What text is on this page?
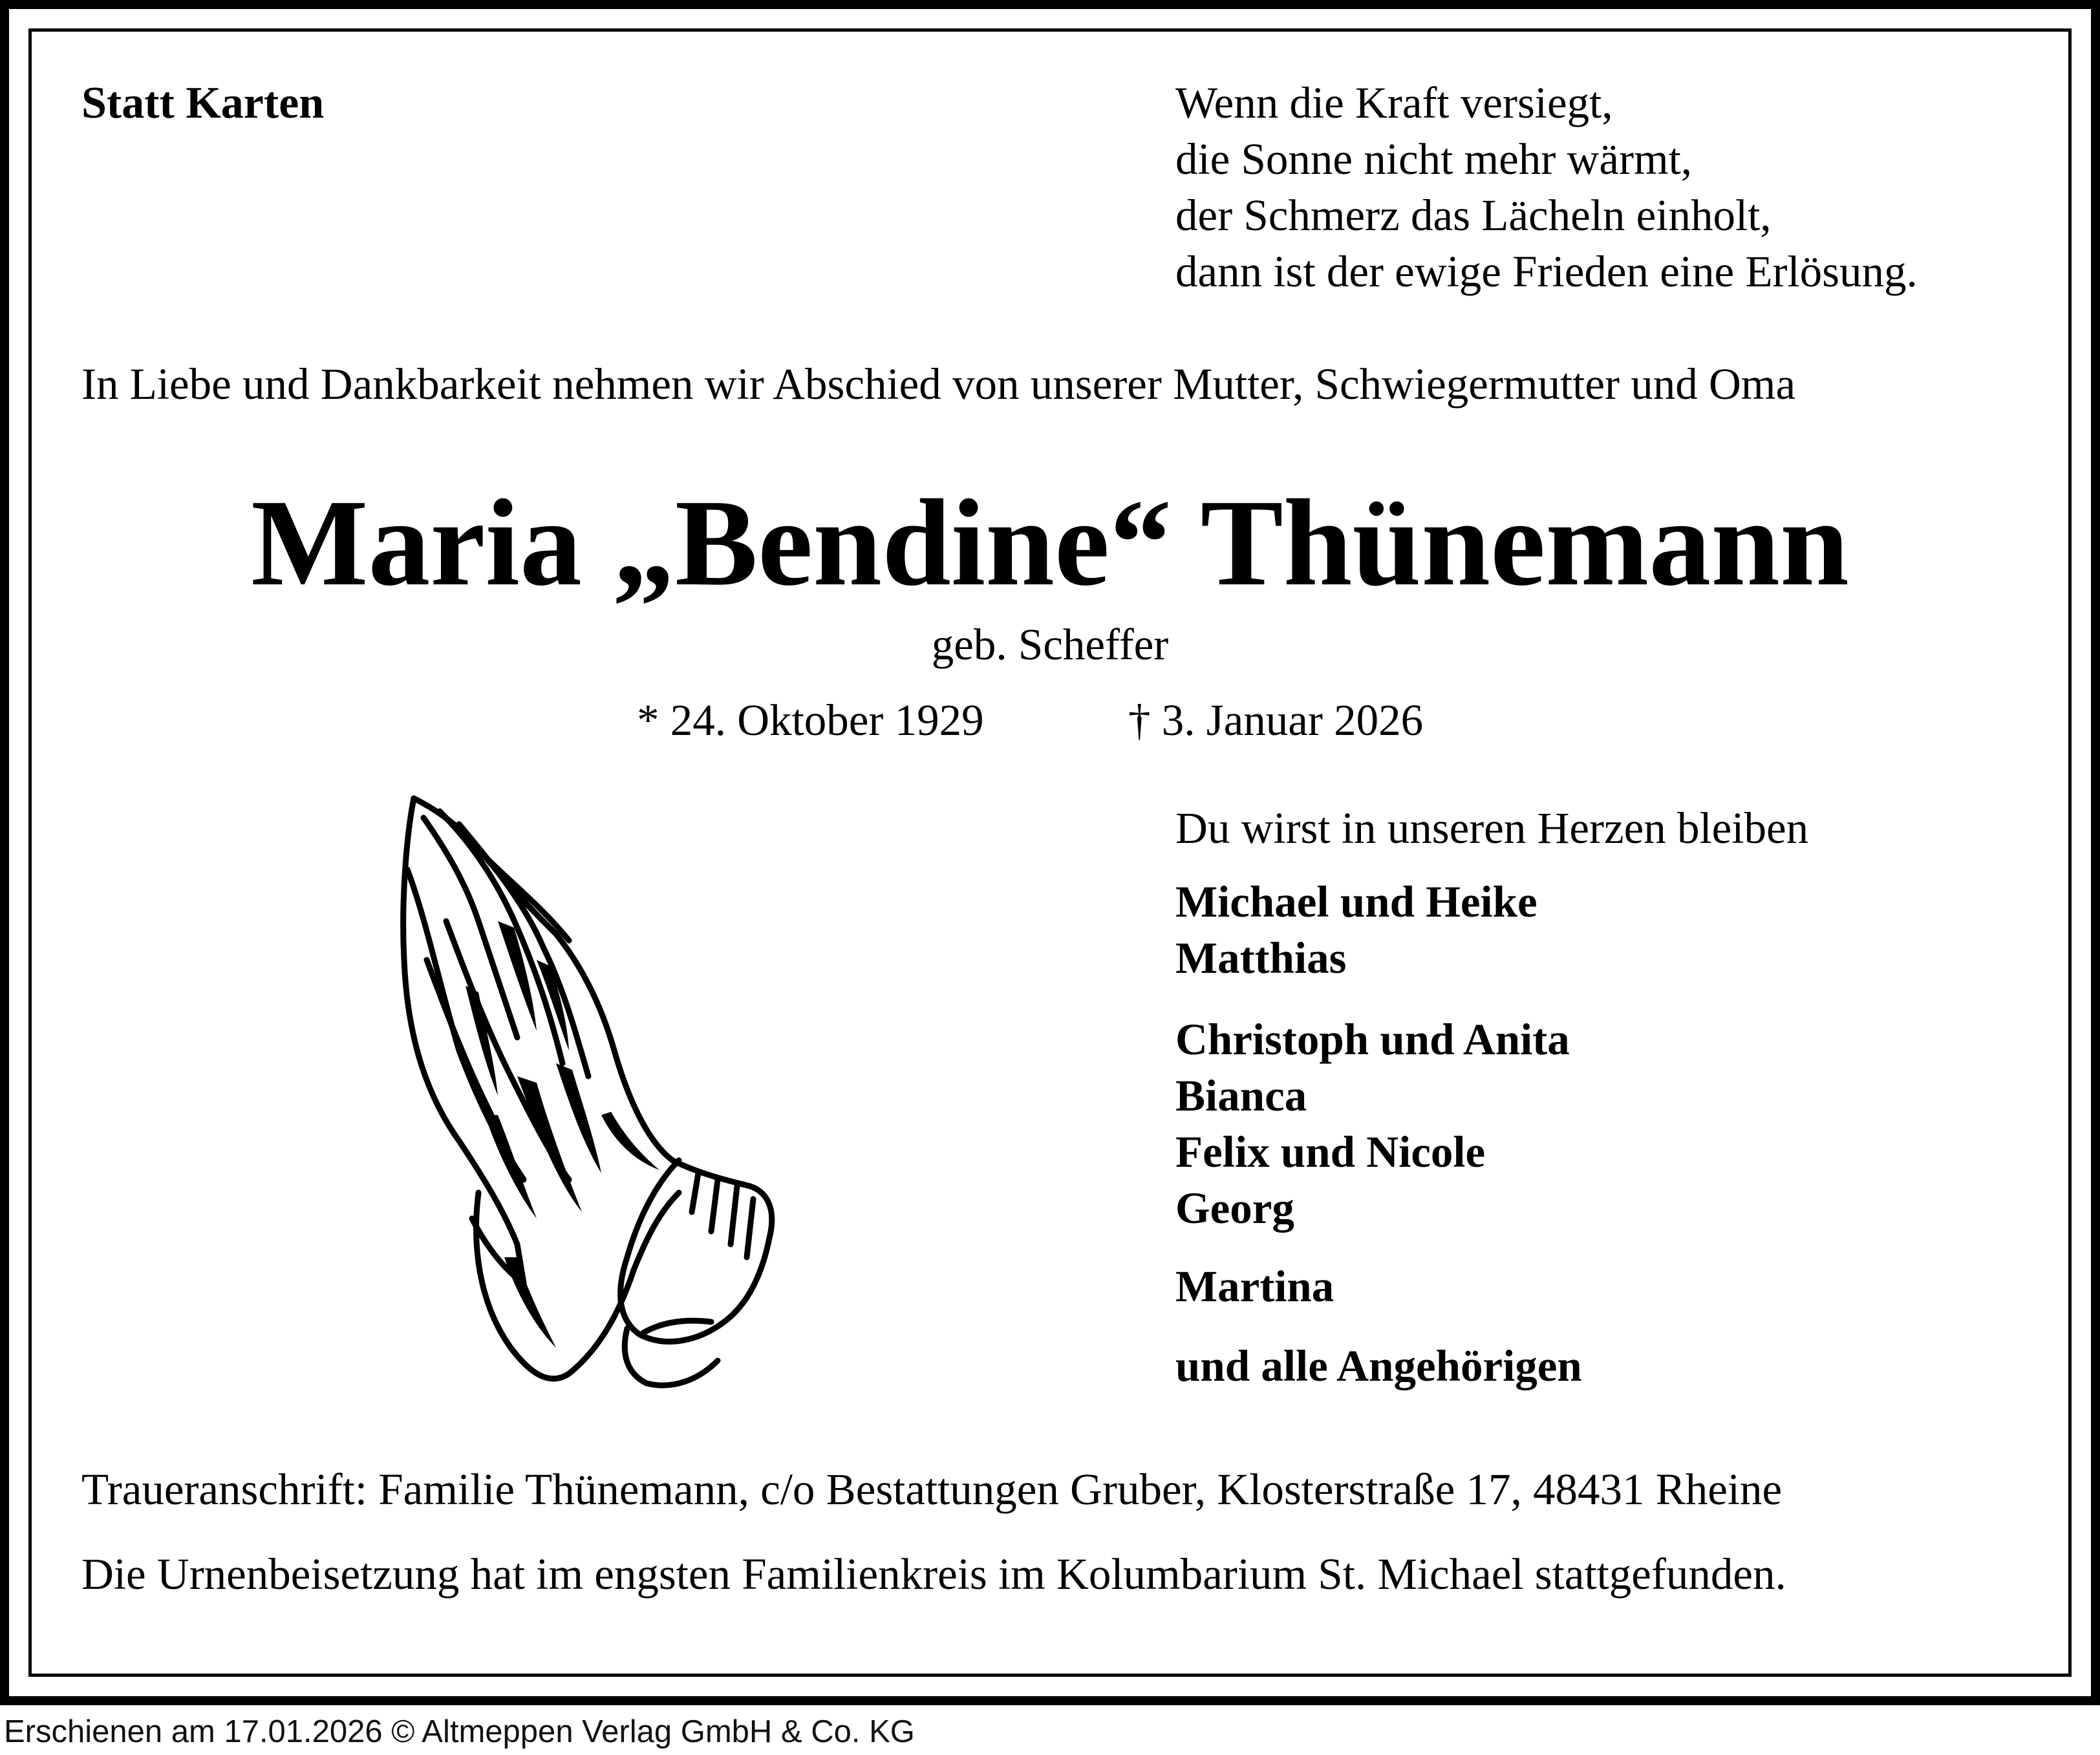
Statt Karten	Wenn die Kraft versiegt,
die Sonne nicht mehr wärmt,
der Schmerz das Lächeln einholt,
dann ist der ewige Frieden eine Erlösung.
In Liebe und Dankbarkeit nehmen wir Abschied von unserer Mutter, Schwiegermutter und Oma
Maria „Bendine“ Thünemann
geb. Scheffer
* 24. Oktober 1929	† 3. Januar 2026
Du wirst in unseren Herzen bleiben
Michael und Heike
Matthias
Christoph und Anita
Bianca
Felix und Nicole
Georg
Martina
und alle Angehörigen
Traueranschrift: Familie Thünemann, c/o Bestattungen Gruber, Klosterstraße 17, 48431 Rheine
Die Urnenbeisetzung hat im engsten Familienkreis im Kolumbarium St. Michael stattgefunden.
Erschienen am 17.01.2026 © Altmeppen Verlag GmbH & Co. KG
